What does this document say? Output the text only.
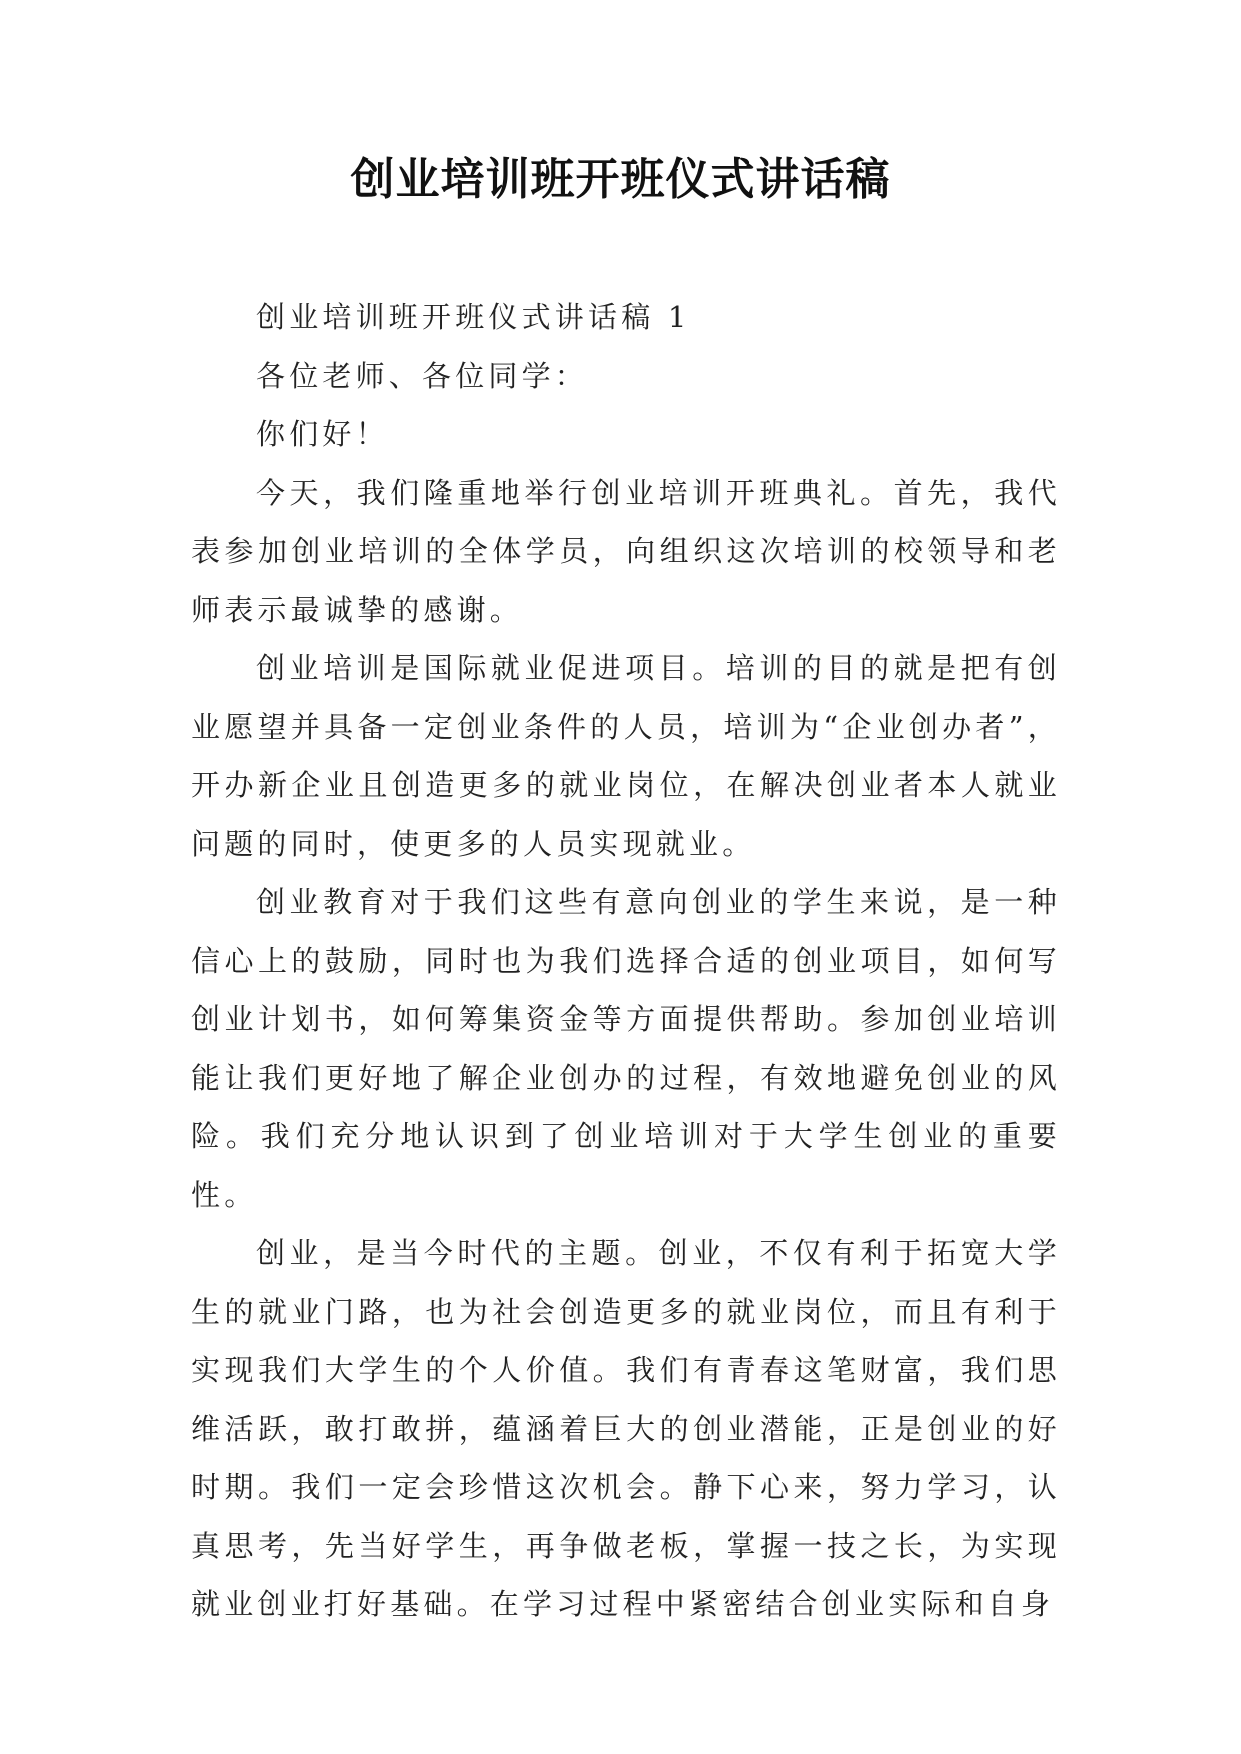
创业培训班开班仪式讲话稿

创业培训班开班仪式讲话稿 1

各位老师、各位同学：

你们好！

今天，我们隆重地举行创业培训开班典礼。首先，我代表参加创业培训的全体学员，向组织这次培训的校领导和老师表示最诚挚的感谢。

创业培训是国际就业促进项目。培训的目的就是把有创业愿望并具备一定创业条件的人员，培训为“企业创办者”，开办新企业且创造更多的就业岗位，在解决创业者本人就业问题的同时，使更多的人员实现就业。

创业教育对于我们这些有意向创业的学生来说，是一种信心上的鼓励，同时也为我们选择合适的创业项目，如何写创业计划书，如何筹集资金等方面提供帮助。参加创业培训能让我们更好地了解企业创办的过程，有效地避免创业的风险。我们充分地认识到了创业培训对于大学生创业的重要性。

创业，是当今时代的主题。创业，不仅有利于拓宽大学生的就业门路，也为社会创造更多的就业岗位，而且有利于实现我们大学生的个人价值。我们有青春这笔财富，我们思维活跃，敢打敢拼，蕴涵着巨大的创业潜能，正是创业的好时期。我们一定会珍惜这次机会。静下心来，努力学习，认真思考，先当好学生，再争做老板，掌握一技之长，为实现就业创业打好基础。在学习过程中紧密结合创业实际和自身
